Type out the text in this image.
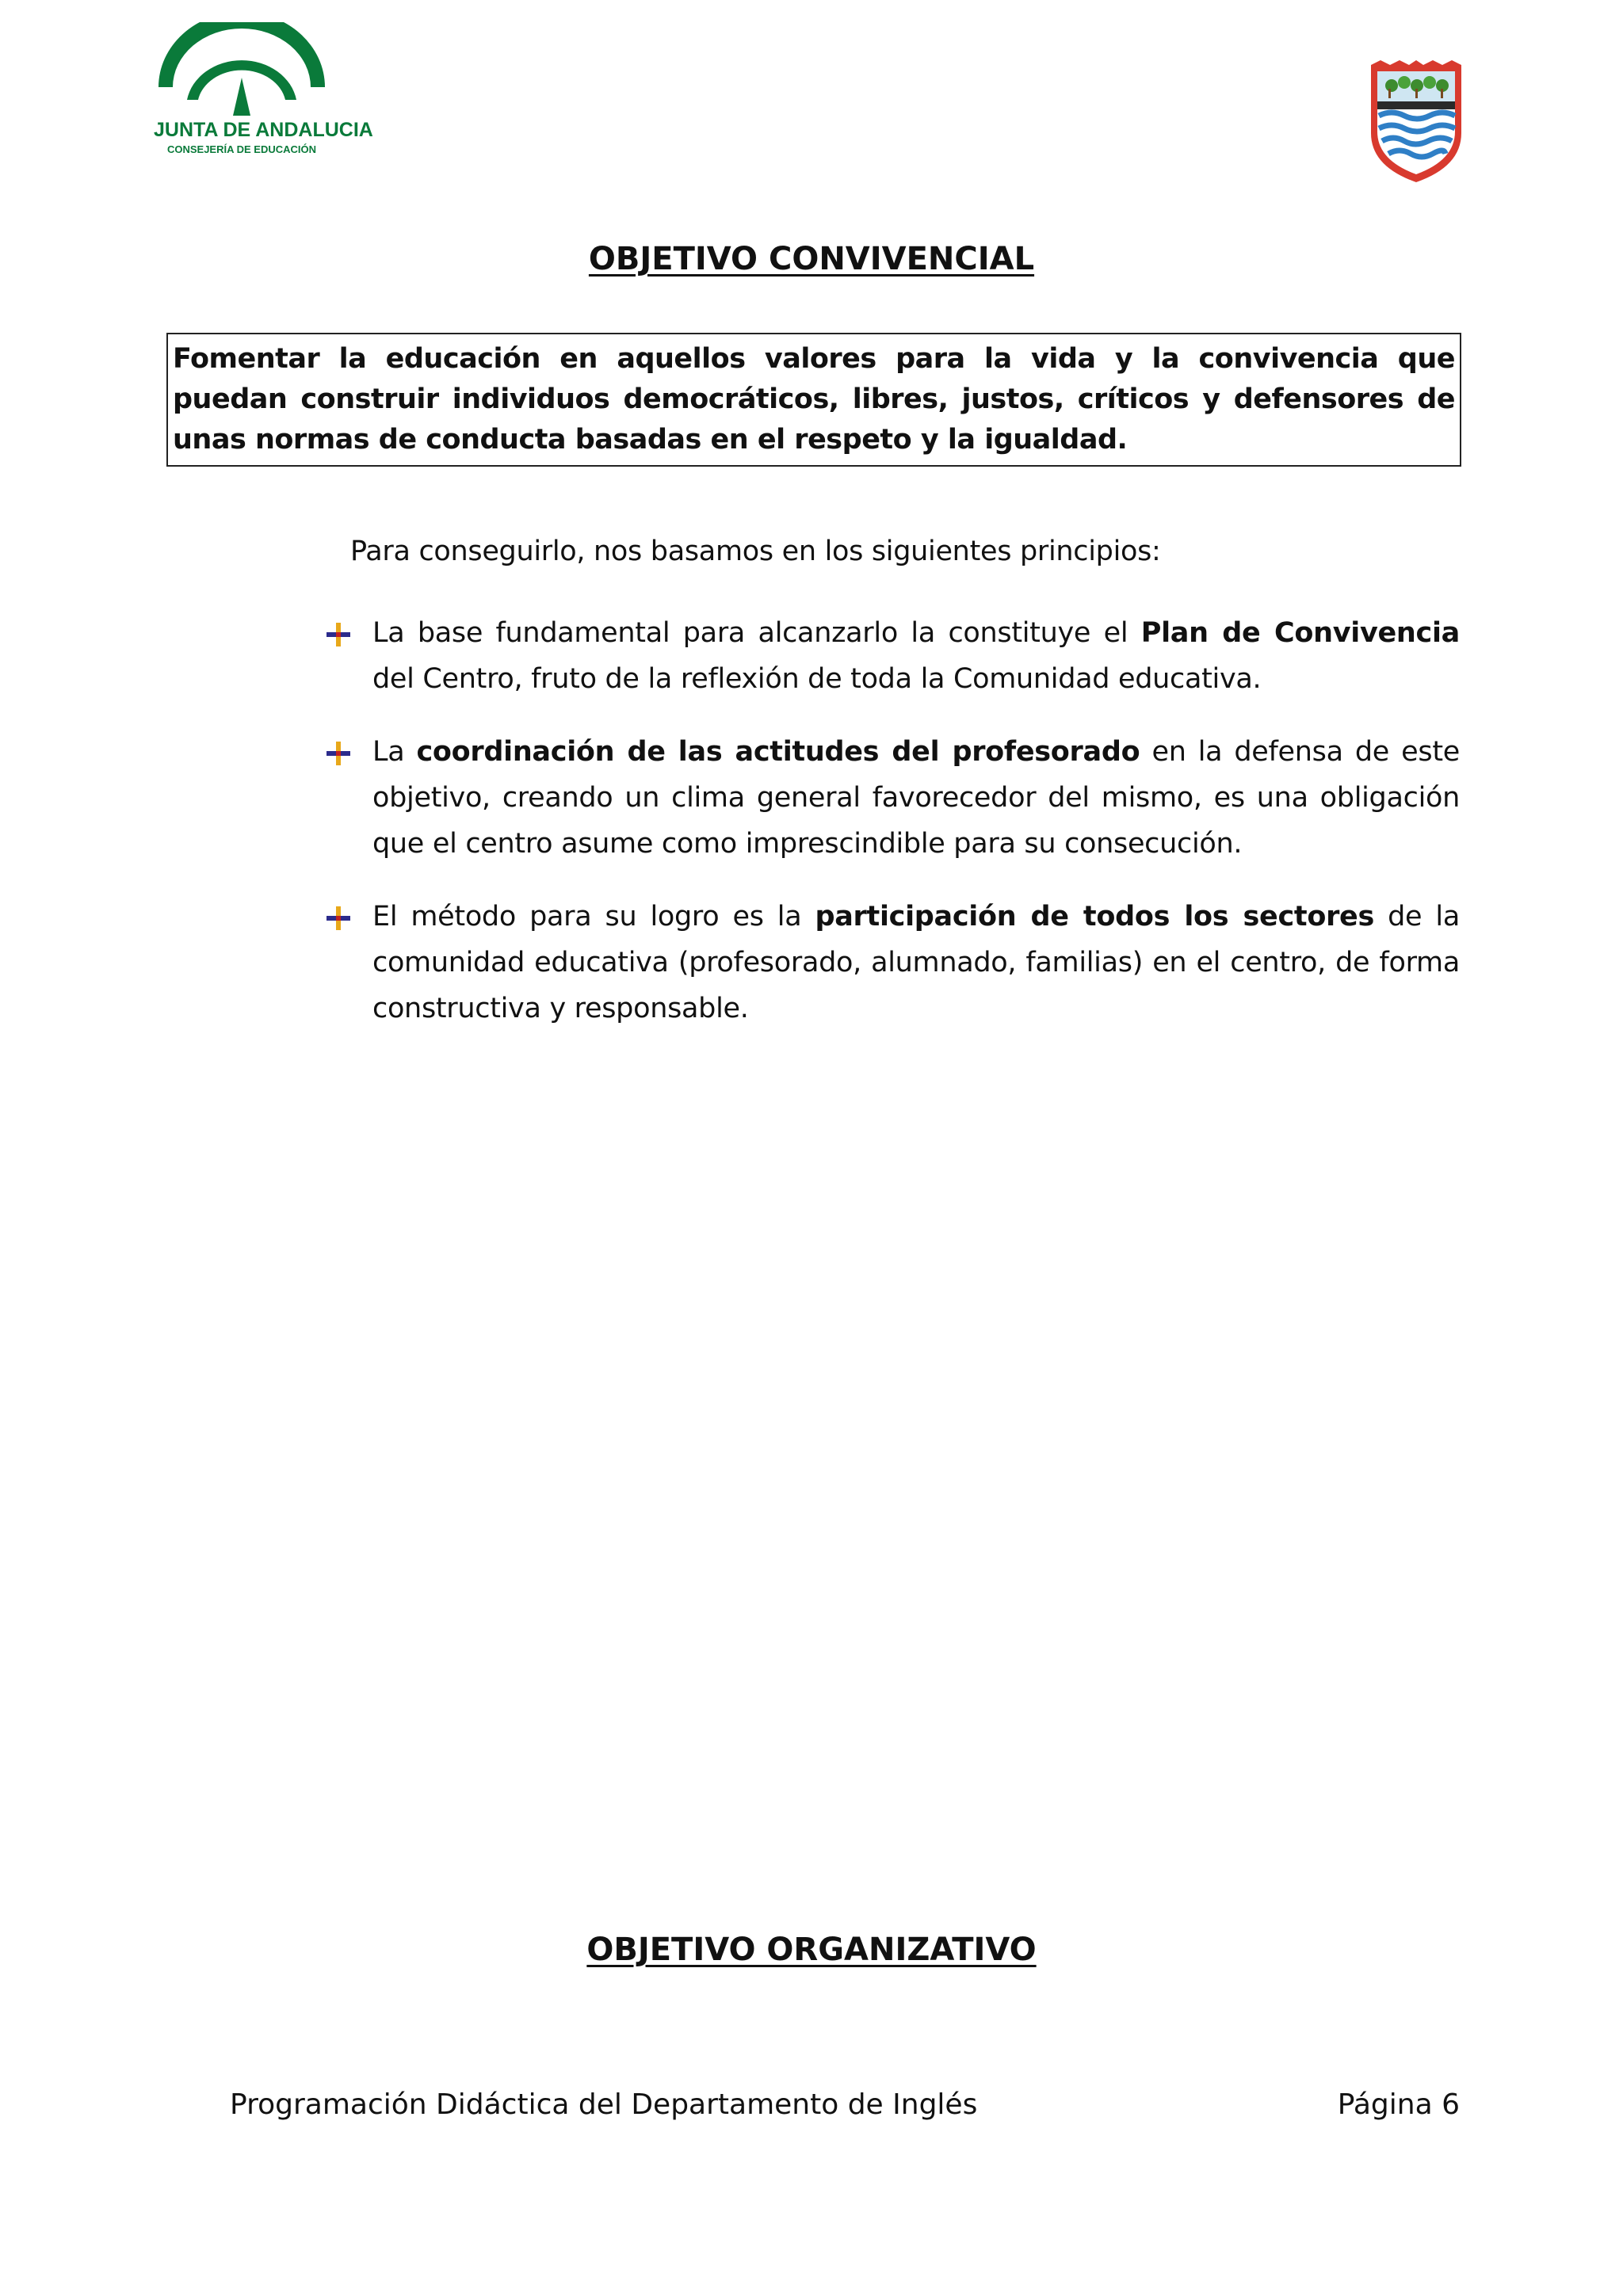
JUNTA DE ANDALUCIA
CONSEJERÍA DE EDUCACIÓN
OBJETIVO CONVIVENCIAL
Fomentar la educación en aquellos valores para la vida y la convivencia que puedan construir individuos democráticos, libres, justos, críticos y defensores de unas normas de conducta basadas en el respeto y la igualdad.
Para conseguirlo, nos basamos en los siguientes principios:
La base fundamental para alcanzarlo la constituye el Plan de Convivencia del Centro, fruto de la reflexión de toda la Comunidad educativa.
La coordinación de las actitudes del profesorado en la defensa de este objetivo, creando un clima general favorecedor del mismo, es una obligación que el centro asume como imprescindible para su consecución.
El método para su logro es la participación de todos los sectores de la comunidad educativa (profesorado, alumnado, familias) en el centro, de forma constructiva y responsable.
OBJETIVO ORGANIZATIVO
Programación Didáctica del Departamento de Inglés	Página 6
